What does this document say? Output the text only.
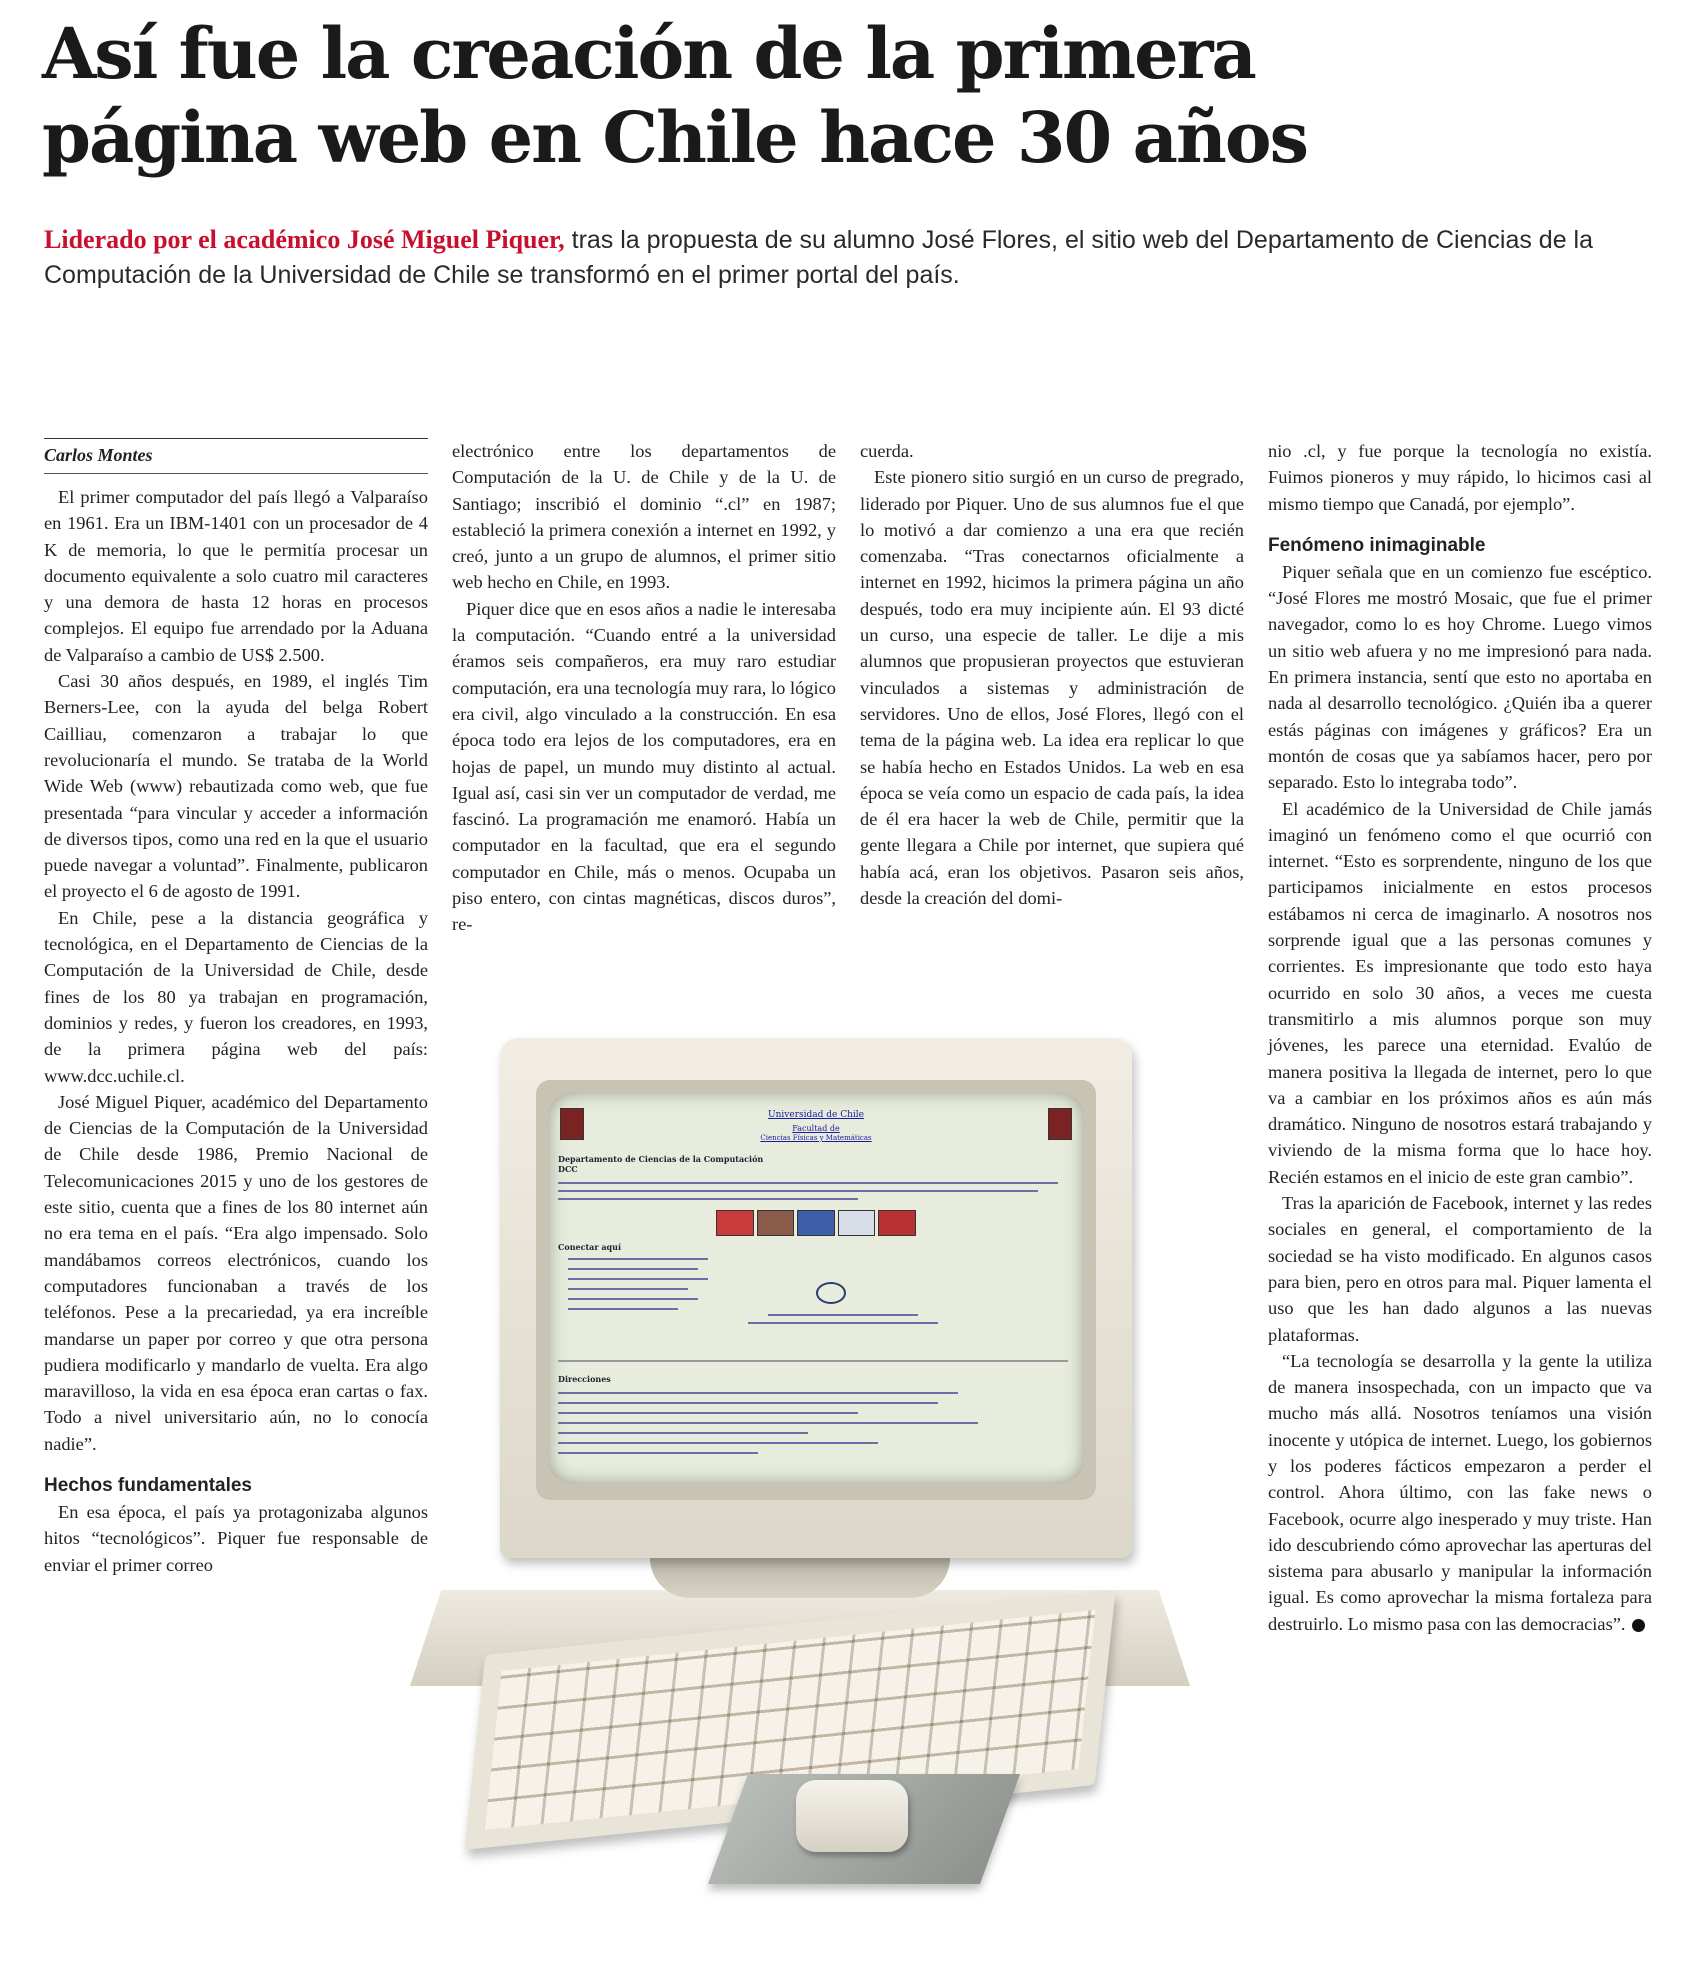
Así fue la creación de la primera
página web en Chile hace 30 años

Liderado por el académico José Miguel Piquer, tras la propuesta de su alumno José Flores, el sitio web del Departamento de Ciencias de la Computación de la Universidad de Chile se transformó en el primer portal del país.

Carlos Montes

El primer computador del país llegó a Valparaíso en 1961. Era un IBM-1401 con un procesador de 4 K de memoria, lo que le permitía procesar un documento equivalente a solo cuatro mil caracteres y una demora de hasta 12 horas en procesos complejos. El equipo fue arrendado por la Aduana de Valparaíso a cambio de US$ 2.500.

Casi 30 años después, en 1989, el inglés Tim Berners-Lee, con la ayuda del belga Robert Cailliau, comenzaron a trabajar lo que revolucionaría el mundo. Se trataba de la World Wide Web (www) rebautizada como web, que fue presentada “para vincular y acceder a información de diversos tipos, como una red en la que el usuario puede navegar a voluntad”. Finalmente, publicaron el proyecto el 6 de agosto de 1991.

En Chile, pese a la distancia geográfica y tecnológica, en el Departamento de Ciencias de la Computación de la Universidad de Chile, desde fines de los 80 ya trabajan en programación, dominios y redes, y fueron los creadores, en 1993, de la primera página web del país: www.dcc.uchile.cl.

José Miguel Piquer, académico del Departamento de Ciencias de la Computación de la Universidad de Chile desde 1986, Premio Nacional de Telecomunicaciones 2015 y uno de los gestores de este sitio, cuenta que a fines de los 80 internet aún no era tema en el país. “Era algo impensado. Solo mandábamos correos electrónicos, cuando los computadores funcionaban a través de los teléfonos. Pese a la precariedad, ya era increíble mandarse un paper por correo y que otra persona pudiera modificarlo y mandarlo de vuelta. Era algo maravilloso, la vida en esa época eran cartas o fax. Todo a nivel universitario aún, no lo conocía nadie”.

Hechos fundamentales

En esa época, el país ya protagonizaba algunos hitos “tecnológicos”. Piquer fue responsable de enviar el primer correo

electrónico entre los departamentos de Computación de la U. de Chile y de la U. de Santiago; inscribió el dominio “.cl” en 1987; estableció la primera conexión a internet en 1992, y creó, junto a un grupo de alumnos, el primer sitio web hecho en Chile, en 1993.

Piquer dice que en esos años a nadie le interesaba la computación. “Cuando entré a la universidad éramos seis compañeros, era muy raro estudiar computación, era una tecnología muy rara, lo lógico era civil, algo vinculado a la construcción. En esa época todo era lejos de los computadores, era en hojas de papel, un mundo muy distinto al actual. Igual así, casi sin ver un computador de verdad, me fascinó. La programación me enamoró. Había un computador en la facultad, que era el segundo computador en Chile, más o menos. Ocupaba un piso entero, con cintas magnéticas, discos duros”, re-

cuerda.

Este pionero sitio surgió en un curso de pregrado, liderado por Piquer. Uno de sus alumnos fue el que lo motivó a dar comienzo a una era que recién comenzaba. “Tras conectarnos oficialmente a internet en 1992, hicimos la primera página un año después, todo era muy incipiente aún. El 93 dicté un curso, una especie de taller. Le dije a mis alumnos que propusieran proyectos que estuvieran vinculados a sistemas y administración de servidores. Uno de ellos, José Flores, llegó con el tema de la página web. La idea era replicar lo que se había hecho en Estados Unidos. La web en esa época se veía como un espacio de cada país, la idea de él era hacer la web de Chile, permitir que la gente llegara a Chile por internet, que supiera qué había acá, eran los objetivos. Pasaron seis años, desde la creación del domi-

nio .cl, y fue porque la tecnología no existía. Fuimos pioneros y muy rápido, lo hicimos casi al mismo tiempo que Canadá, por ejemplo”.

Fenómeno inimaginable

Piquer señala que en un comienzo fue escéptico. “José Flores me mostró Mosaic, que fue el primer navegador, como lo es hoy Chrome. Luego vimos un sitio web afuera y no me impresionó para nada. En primera instancia, sentí que esto no aportaba en nada al desarrollo tecnológico. ¿Quién iba a querer estás páginas con imágenes y gráficos? Era un montón de cosas que ya sabíamos hacer, pero por separado. Esto lo integraba todo”.

El académico de la Universidad de Chile jamás imaginó un fenómeno como el que ocurrió con internet. “Esto es sorprendente, ninguno de los que participamos inicialmente en estos procesos estábamos ni cerca de imaginarlo. A nosotros nos sorprende igual que a las personas comunes y corrientes. Es impresionante que todo esto haya ocurrido en solo 30 años, a veces me cuesta transmitirlo a mis alumnos porque son muy jóvenes, les parece una eternidad. Evalúo de manera positiva la llegada de internet, pero lo que va a cambiar en los próximos años es aún más dramático. Ninguno de nosotros estará trabajando y viviendo de la misma forma que lo hace hoy. Recién estamos en el inicio de este gran cambio”.

Tras la aparición de Facebook, internet y las redes sociales en general, el comportamiento de la sociedad se ha visto modificado. En algunos casos para bien, pero en otros para mal. Piquer lamenta el uso que les han dado algunos a las nuevas plataformas.

“La tecnología se desarrolla y la gente la utiliza de manera insospechada, con un impacto que va mucho más allá. Nosotros teníamos una visión inocente y utópica de internet. Luego, los gobiernos y los poderes fácticos empezaron a perder el control. Ahora último, con las fake news o Facebook, ocurre algo inesperado y muy triste. Han ido descubriendo cómo aprovechar las aperturas del sistema para abusarlo y manipular la información igual. Es como aprovechar la misma fortaleza para destruirlo. Lo mismo pasa con las democracias”.

Universidad de Chile
Facultad de
Ciencias Físicas y Matemáticas
Departamento de Ciencias de la Computación
DCC
Conectar aquí
Direcciones
